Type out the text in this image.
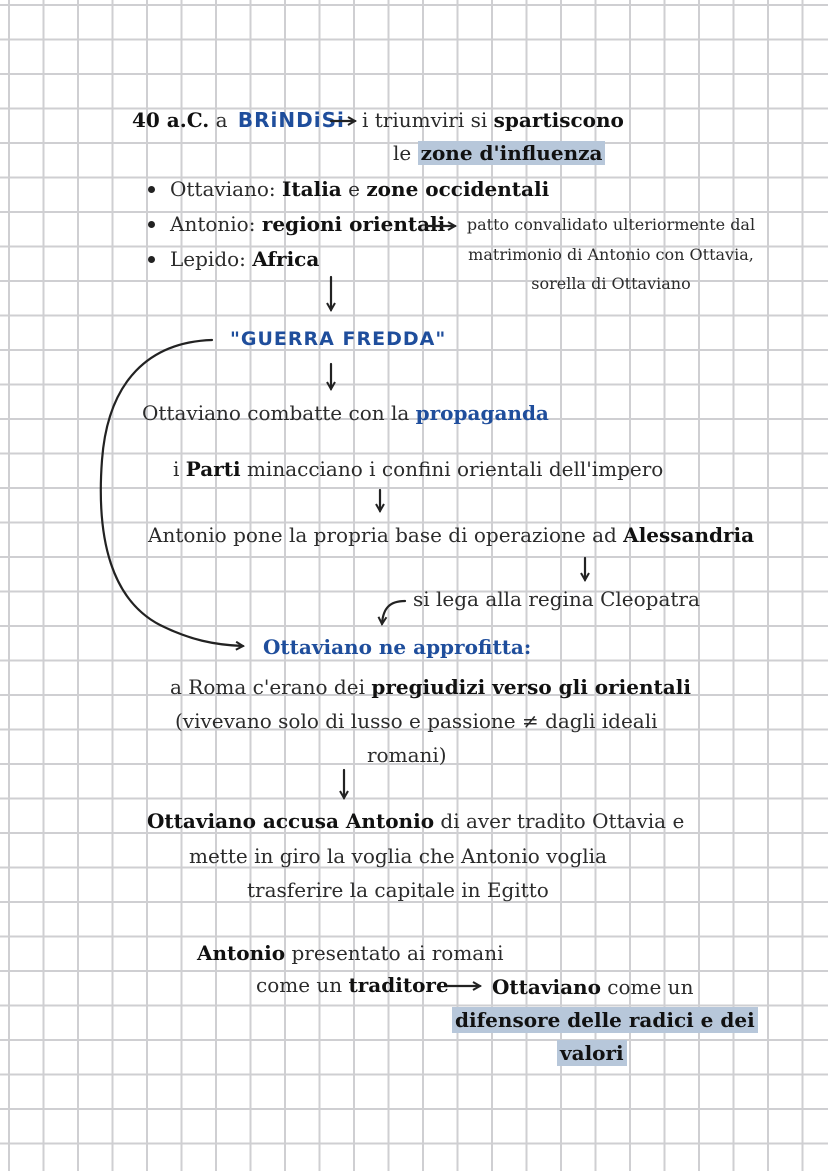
40 a.C. a BRiNDiSi i triumviri si spartiscono
le zone d'influenza
Ottaviano: Italia e zone occidentali
Antonio: regioni orientali
Lepido: Africa
patto convalidato ulteriormente dal
matrimonio di Antonio con Ottavia,
sorella di Ottaviano
"GUERRA FREDDA"
Ottaviano combatte con la propaganda
i Parti minacciano i confini orientali dell'impero
Antonio pone la propria base di operazione ad Alessandria
si lega alla regina Cleopatra
Ottaviano ne approfitta:
a Roma c'erano dei pregiudizi verso gli orientali
(vivevano solo di lusso e passione ≠ dagli ideali
romani)
Ottaviano accusa Antonio di aver tradito Ottavia e
mette in giro la voglia che Antonio voglia
trasferire la capitale in Egitto
Antonio presentato ai romani
come un traditore Ottaviano come un
difensore delle radici e dei
valori
